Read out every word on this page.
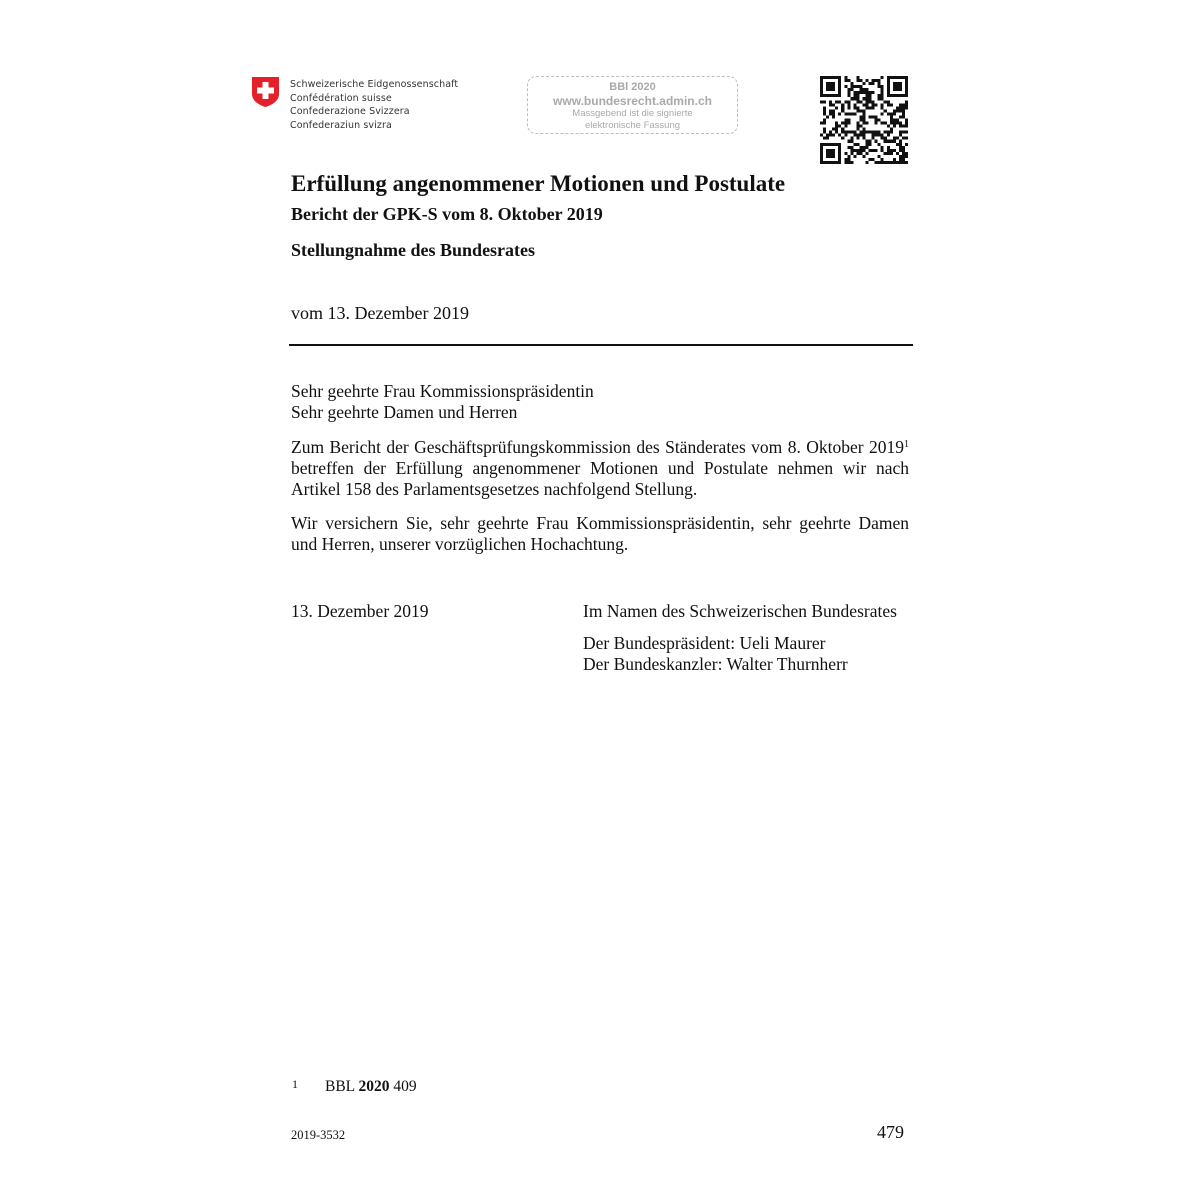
Schweizerische Eidgenossenschaft
Confédération suisse
Confederazione Svizzera
Confederaziun svizra
BBl 2020
www.bundesrecht.admin.ch
Massgebend ist die signierte
elektronische Fassung
Erfüllung angenommener Motionen und Postulate
Bericht der GPK-S vom 8. Oktober 2019
Stellungnahme des Bundesrates
vom 13. Dezember 2019
Sehr geehrte Frau Kommissionspräsidentin
Sehr geehrte Damen und Herren
Zum Bericht der Geschäftsprüfungskommission des Ständerates vom 8. Oktober 2019$^1$ betreffen der Erfüllung angenommener Motionen und Postulate nehmen wir nach Artikel 158 des Parlamentsgesetzes nachfolgend Stellung.
Wir versichern Sie, sehr geehrte Frau Kommissionspräsidentin, sehr geehrte Damen und Herren, unserer vorzüglichen Hochachtung.
13. Dezember 2019	Im Namen des Schweizerischen Bundesrates
Der Bundespräsident: Ueli Maurer
Der Bundeskanzler: Walter Thurnherr
1 BBL 2020 409
2019-3532	479
